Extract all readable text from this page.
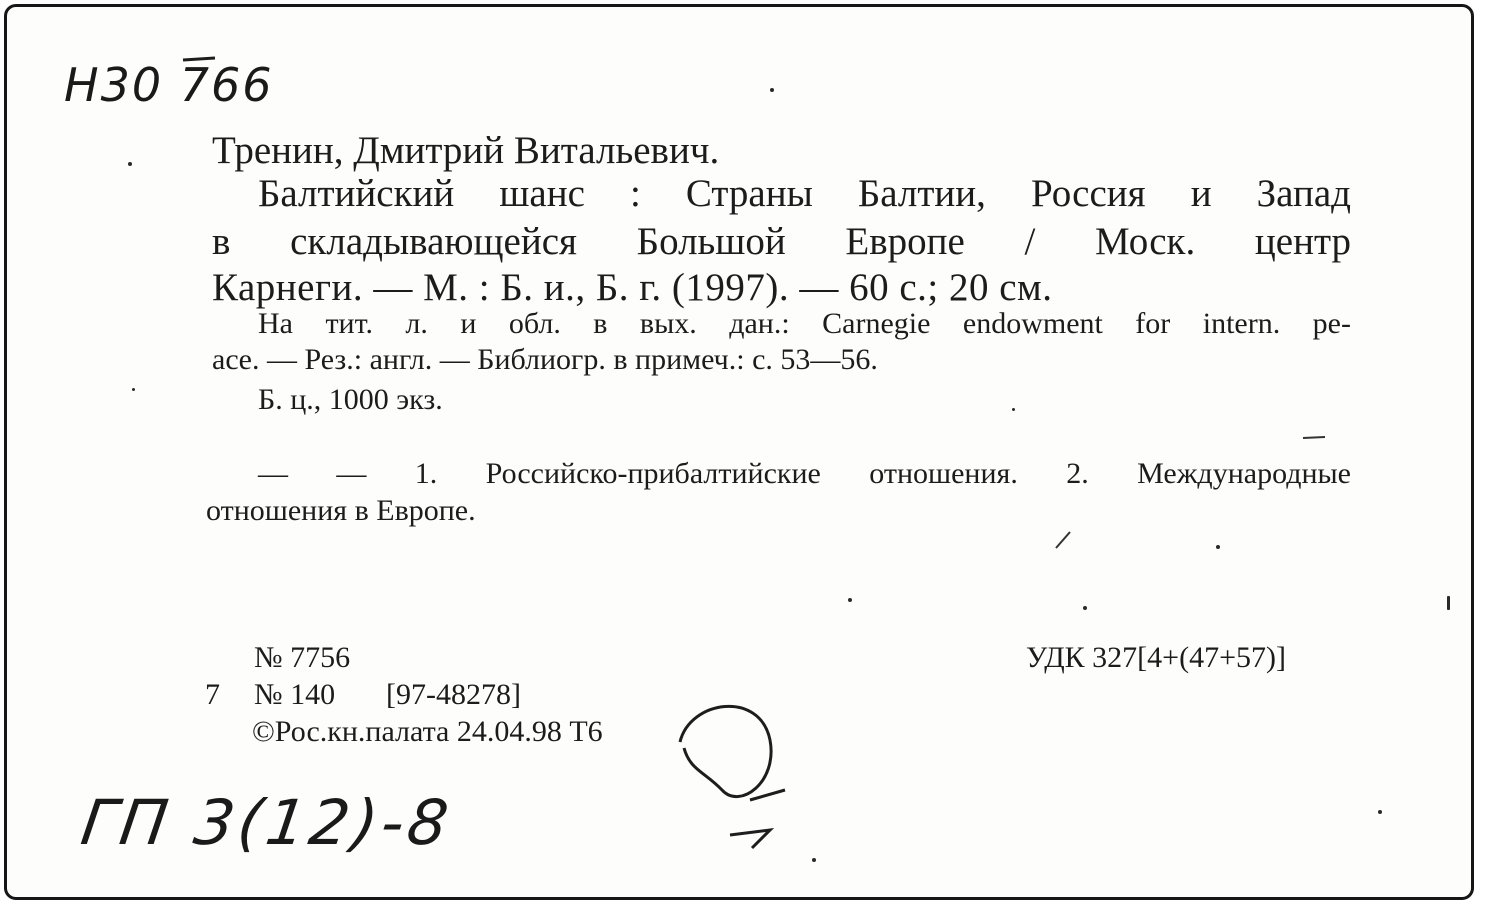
Н30 766
Тренин, Дмитрий Витальевич.
Балтийский шанс : Страны Балтии, Россия и Запад
в складывающейся Большой Европе / Моск. центр
Карнеги. — М. : Б. и., Б. г. (1997). — 60 с.; 20 см.
На тит. л. и обл. в вых. дан.: Carnegie endowment for intern. pe-
ace. — Рез.: англ. — Библиогр. в примеч.: с. 53—56.
Б. ц., 1000 экз.
— — 1. Российско-прибалтийские отношения. 2. Международные
отношения в Европе.
№ 7756	УДК 327[4+(47+57)]
7 № 140 [97-48278]
©Рос.кн.палата 24.04.98 Т6
ГП 3(12)-8
